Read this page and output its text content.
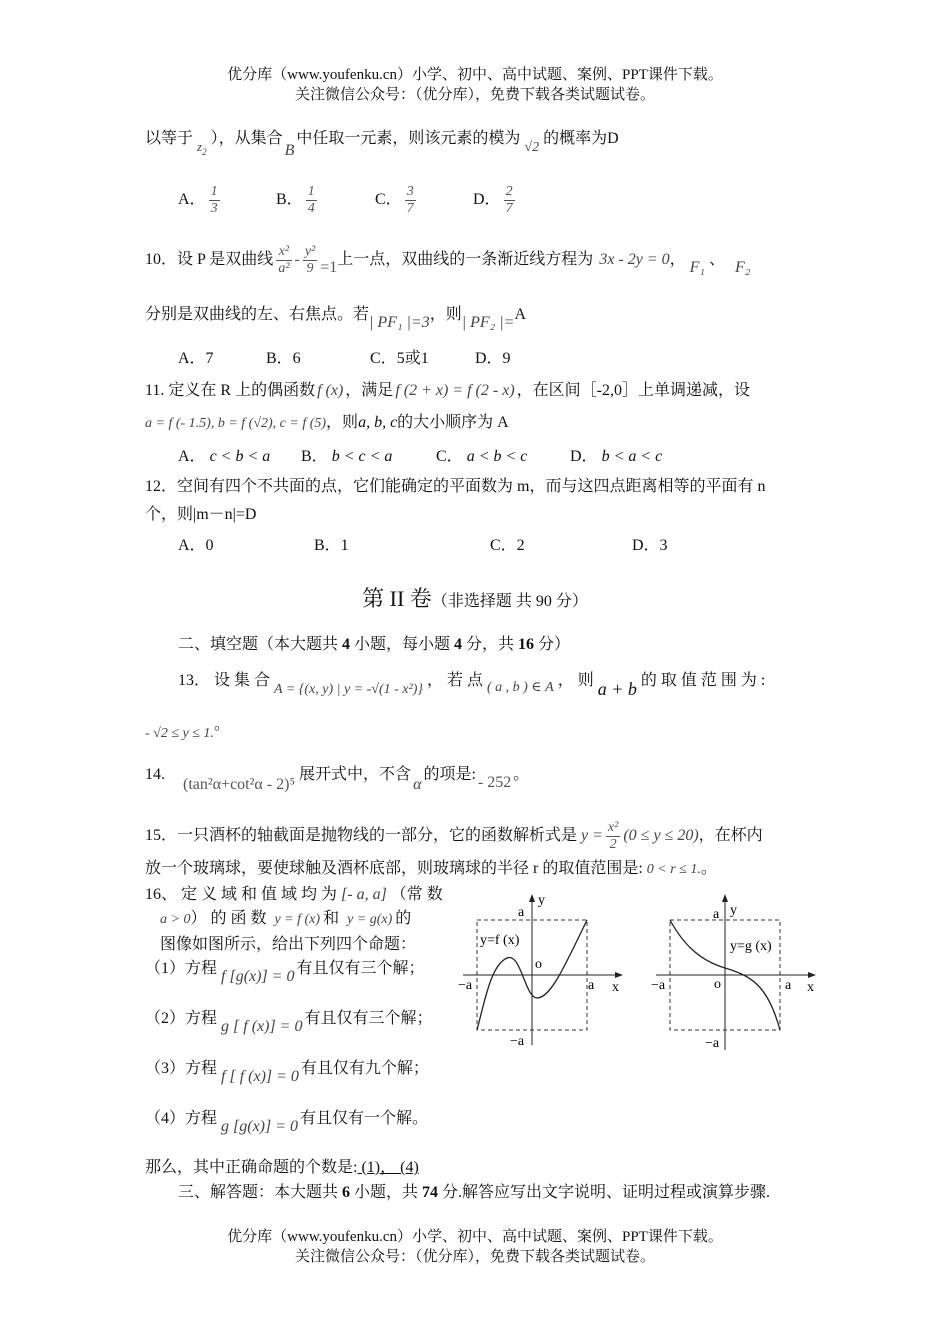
优分库（www.youfenku.cn）小学、初中、高中试题、案例、PPT课件下载。
关注微信公众号：（优分库），免费下载各类试题试卷。
以等于 $_{z2}$），从集合B中任取一元素，则该元素的模为√2的概率为D
A． $\frac{1}{3}$	B． $\frac{1}{4}$	C． $\frac{3}{7}$	D． $\frac{2}{7}$
10．设 P 是双曲线 $\frac{\text{x²}}{\text{a²}} - \frac{\text{y²}}{9} =1$上一点，双曲线的一条渐近线方程为 3x - 2y = 0， F₁ 、 F₂
分别是双曲线的左、右焦点。若| PF₁ |=3，则| PF₂ |=A
A．7	B．6	C．5或1	D．9
11. 定义在 R 上的偶函数 f (x) ，满足 f (2 + x) = f (2 - x) ，在区间［-2,0］上单调递减，设
a = f (- 1.5), b = f (√2), c = f (5)，则a, b, c的大小顺序为 A
A． c < b < a B． b < c < a	C． a < b < c	D． b < a < c
12．空间有四个不共面的点，它们能确定的平面数为 m，而与这四点距离相等的平面有 n
个，则|m－n|=D
A．0	B．1	C．2	D．3
第 II 卷（非选择题 共 90 分）
二、填空题（本大题共 4 小题，每小题 4 分，共 16 分）
13． 设 集 合A = {(x, y) | y = -√(1 - x²)}， 若 点 ( a , b ) ∈ A ， 则 a + b 的 取 值 范 围 为 :
- √2 ≤ y ≤ 1.。
14.(tan²α+cot²α - 2)⁵展开式中，不含α的项是: - 252 。
15．一只酒杯的轴截面是抛物线的一部分，它的函数解析式是 $y = \frac{\text{x²}}{2} (0 \le y \le 20)$，在杯内
放一个玻璃球，要使球触及酒杯底部，则玻璃球的半径 r 的取值范围是: 0 < r ≤ 1.。
16、 定 义 域 和 值 域 均 为 [- a, a] （常 数
a > 0） 的 函 数 y = f (x) 和 y = g(x) 的
图像如图所示，给出下列四个命题：
（1）方程 f [g(x)] = 0 有且仅有三个解；
（2）方程 g [ f (x)] = 0 有且仅有三个解；
（3）方程 f [ f (x)] = 0 有且仅有九个解；
（4）方程 g [g(x)] = 0 有且仅有一个解。
那么，其中正确命题的个数是: (1)， (4)
y=f (x)
a
y
o
−a	a x
−a
y=g (x)
a y
o
−a	a x
−a
三、解答题：本大题共 6 小题，共 74 分.解答应写出文字说明、证明过程或演算步骤.
优分库（www.youfenku.cn）小学、初中、高中试题、案例、PPT课件下载。
关注微信公众号：（优分库），免费下载各类试题试卷。
